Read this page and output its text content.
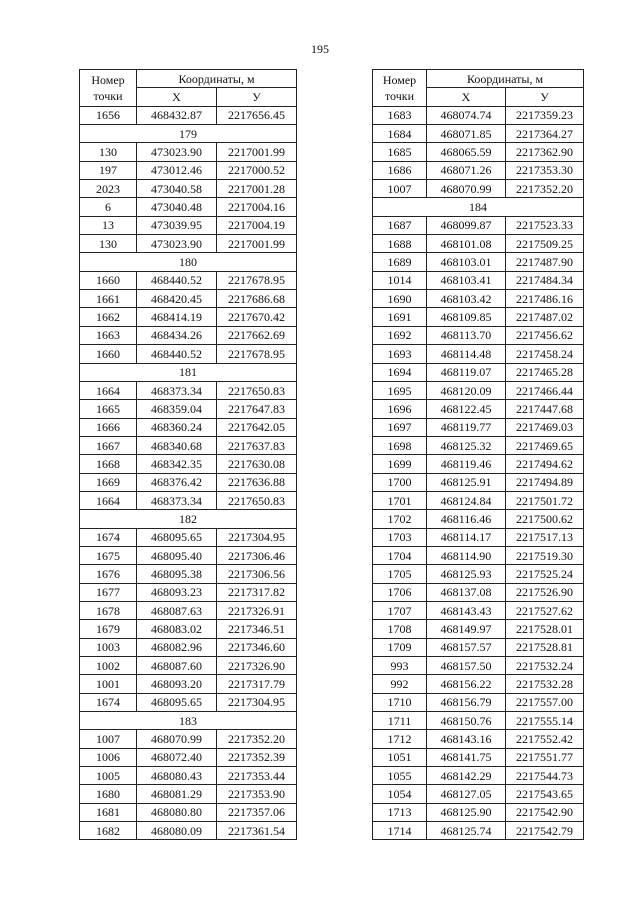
195
Номер
точки	Координаты, м	
	X	У
1656	468432.87	2217656.45
179		
130	473023.90	2217001.99
197	473012.46	2217000.52
2023	473040.58	2217001.28
6	473040.48	2217004.16
13	473039.95	2217004.19
130	473023.90	2217001.99
180		
1660	468440.52	2217678.95
1661	468420.45	2217686.68
1662	468414.19	2217670.42
1663	468434.26	2217662.69
1660	468440.52	2217678.95
181		
1664	468373.34	2217650.83
1665	468359.04	2217647.83
1666	468360.24	2217642.05
1667	468340.68	2217637.83
1668	468342.35	2217630.08
1669	468376.42	2217636.88
1664	468373.34	2217650.83
182		
1674	468095.65	2217304.95
1675	468095.40	2217306.46
1676	468095.38	2217306.56
1677	468093.23	2217317.82
1678	468087.63	2217326.91
1679	468083.02	2217346.51
1003	468082.96	2217346.60
1002	468087.60	2217326.90
1001	468093.20	2217317.79
1674	468095.65	2217304.95
183		
1007	468070.99	2217352.20
1006	468072.40	2217352.39
1005	468080.43	2217353.44
1680	468081.29	2217353.90
1681	468080.80	2217357.06
1682	468080.09	2217361.54
Номер
точки	Координаты, м	
	X	У
1683	468074.74	2217359.23
1684	468071.85	2217364.27
1685	468065.59	2217362.90
1686	468071.26	2217353.30
1007	468070.99	2217352.20
184		
1687	468099.87	2217523.33
1688	468101.08	2217509.25
1689	468103.01	2217487.90
1014	468103.41	2217484.34
1690	468103.42	2217486.16
1691	468109.85	2217487.02
1692	468113.70	2217456.62
1693	468114.48	2217458.24
1694	468119.07	2217465.28
1695	468120.09	2217466.44
1696	468122.45	2217447.68
1697	468119.77	2217469.03
1698	468125.32	2217469.65
1699	468119.46	2217494.62
1700	468125.91	2217494.89
1701	468124.84	2217501.72
1702	468116.46	2217500.62
1703	468114.17	2217517.13
1704	468114.90	2217519.30
1705	468125.93	2217525.24
1706	468137.08	2217526.90
1707	468143.43	2217527.62
1708	468149.97	2217528.01
1709	468157.57	2217528.81
993	468157.50	2217532.24
992	468156.22	2217532.28
1710	468156.79	2217557.00
1711	468150.76	2217555.14
1712	468143.16	2217552.42
1051	468141.75	2217551.77
1055	468142.29	2217544.73
1054	468127.05	2217543.65
1713	468125.90	2217542.90
1714	468125.74	2217542.79
